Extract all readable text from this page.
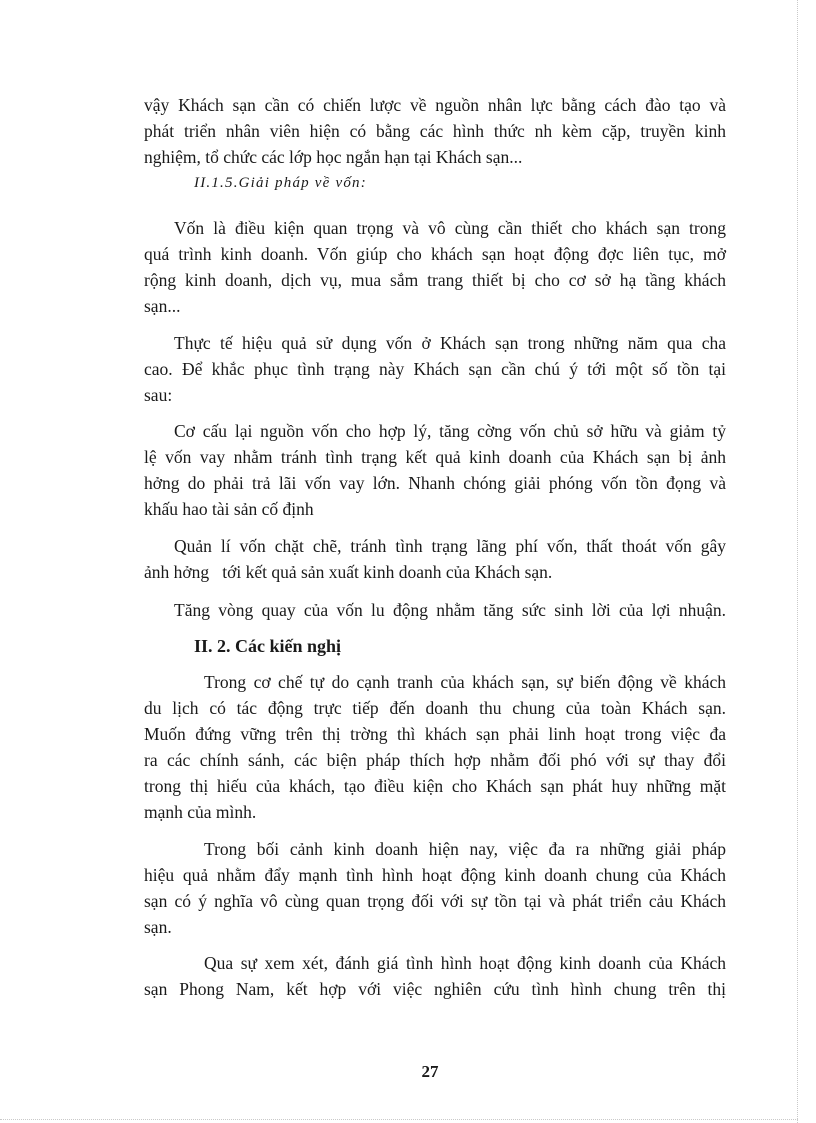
vậy Khách sạn cần có chiến lược về nguồn nhân lực bằng cách đào tạo và
phát triển nhân viên hiện có bằng các hình thức nh kèm cặp, truyền kinh
nghiệm, tổ chức các lớp học ngắn hạn tại Khách sạn...
II.1.5.Giải pháp về vốn:
Vốn là điều kiện quan trọng và vô cùng cần thiết cho khách sạn trong
quá trình kinh doanh. Vốn giúp cho khách sạn hoạt động đợc liên tục, mở
rộng kinh doanh, dịch vụ, mua sắm trang thiết bị cho cơ sở hạ tầng khách
sạn...
Thực tế hiệu quả sử dụng vốn ở Khách sạn trong những năm qua cha
cao. Để khắc phục tình trạng này Khách sạn cần chú ý tới một số tồn tại
sau:
Cơ cấu lại nguồn vốn cho hợp lý, tăng cờng vốn chủ sở hữu và giảm tỷ
lệ vốn vay nhằm tránh tình trạng kết quả kinh doanh của Khách sạn bị ảnh
hởng do phải trả lãi vốn vay lớn. Nhanh chóng giải phóng vốn tồn đọng và
khấu hao tài sản cố định
Quản lí vốn chặt chẽ, tránh tình trạng lãng phí vốn, thất thoát vốn gây
ảnh hởng   tới kết quả sản xuất kinh doanh của Khách sạn.
Tăng vòng quay của vốn lu động nhằm tăng sức sinh lời của lợi nhuận.
II. 2. Các kiến nghị
Trong cơ chế tự do cạnh tranh của khách sạn, sự biến động về khách
du lịch có tác động trực tiếp đến doanh thu chung của toàn Khách sạn.
Muốn đứng vững trên thị trờng thì khách sạn phải linh hoạt trong việc đa
ra các chính sánh, các biện pháp thích hợp nhằm đối phó với sự thay đổi
trong thị hiếu của khách, tạo điều kiện cho Khách sạn phát huy những mặt
mạnh của mình.
Trong bối cảnh kinh doanh hiện nay, việc đa ra những giải pháp
hiệu quả nhằm đẩy mạnh tình hình hoạt động kinh doanh chung của Khách
sạn có ý nghĩa vô cùng quan trọng đối với sự tồn tại và phát triển cảu Khách
sạn.
Qua sự xem xét, đánh giá tình hình hoạt động kinh doanh của Khách
sạn Phong Nam, kết hợp với việc nghiên cứu tình hình chung trên thị
27
